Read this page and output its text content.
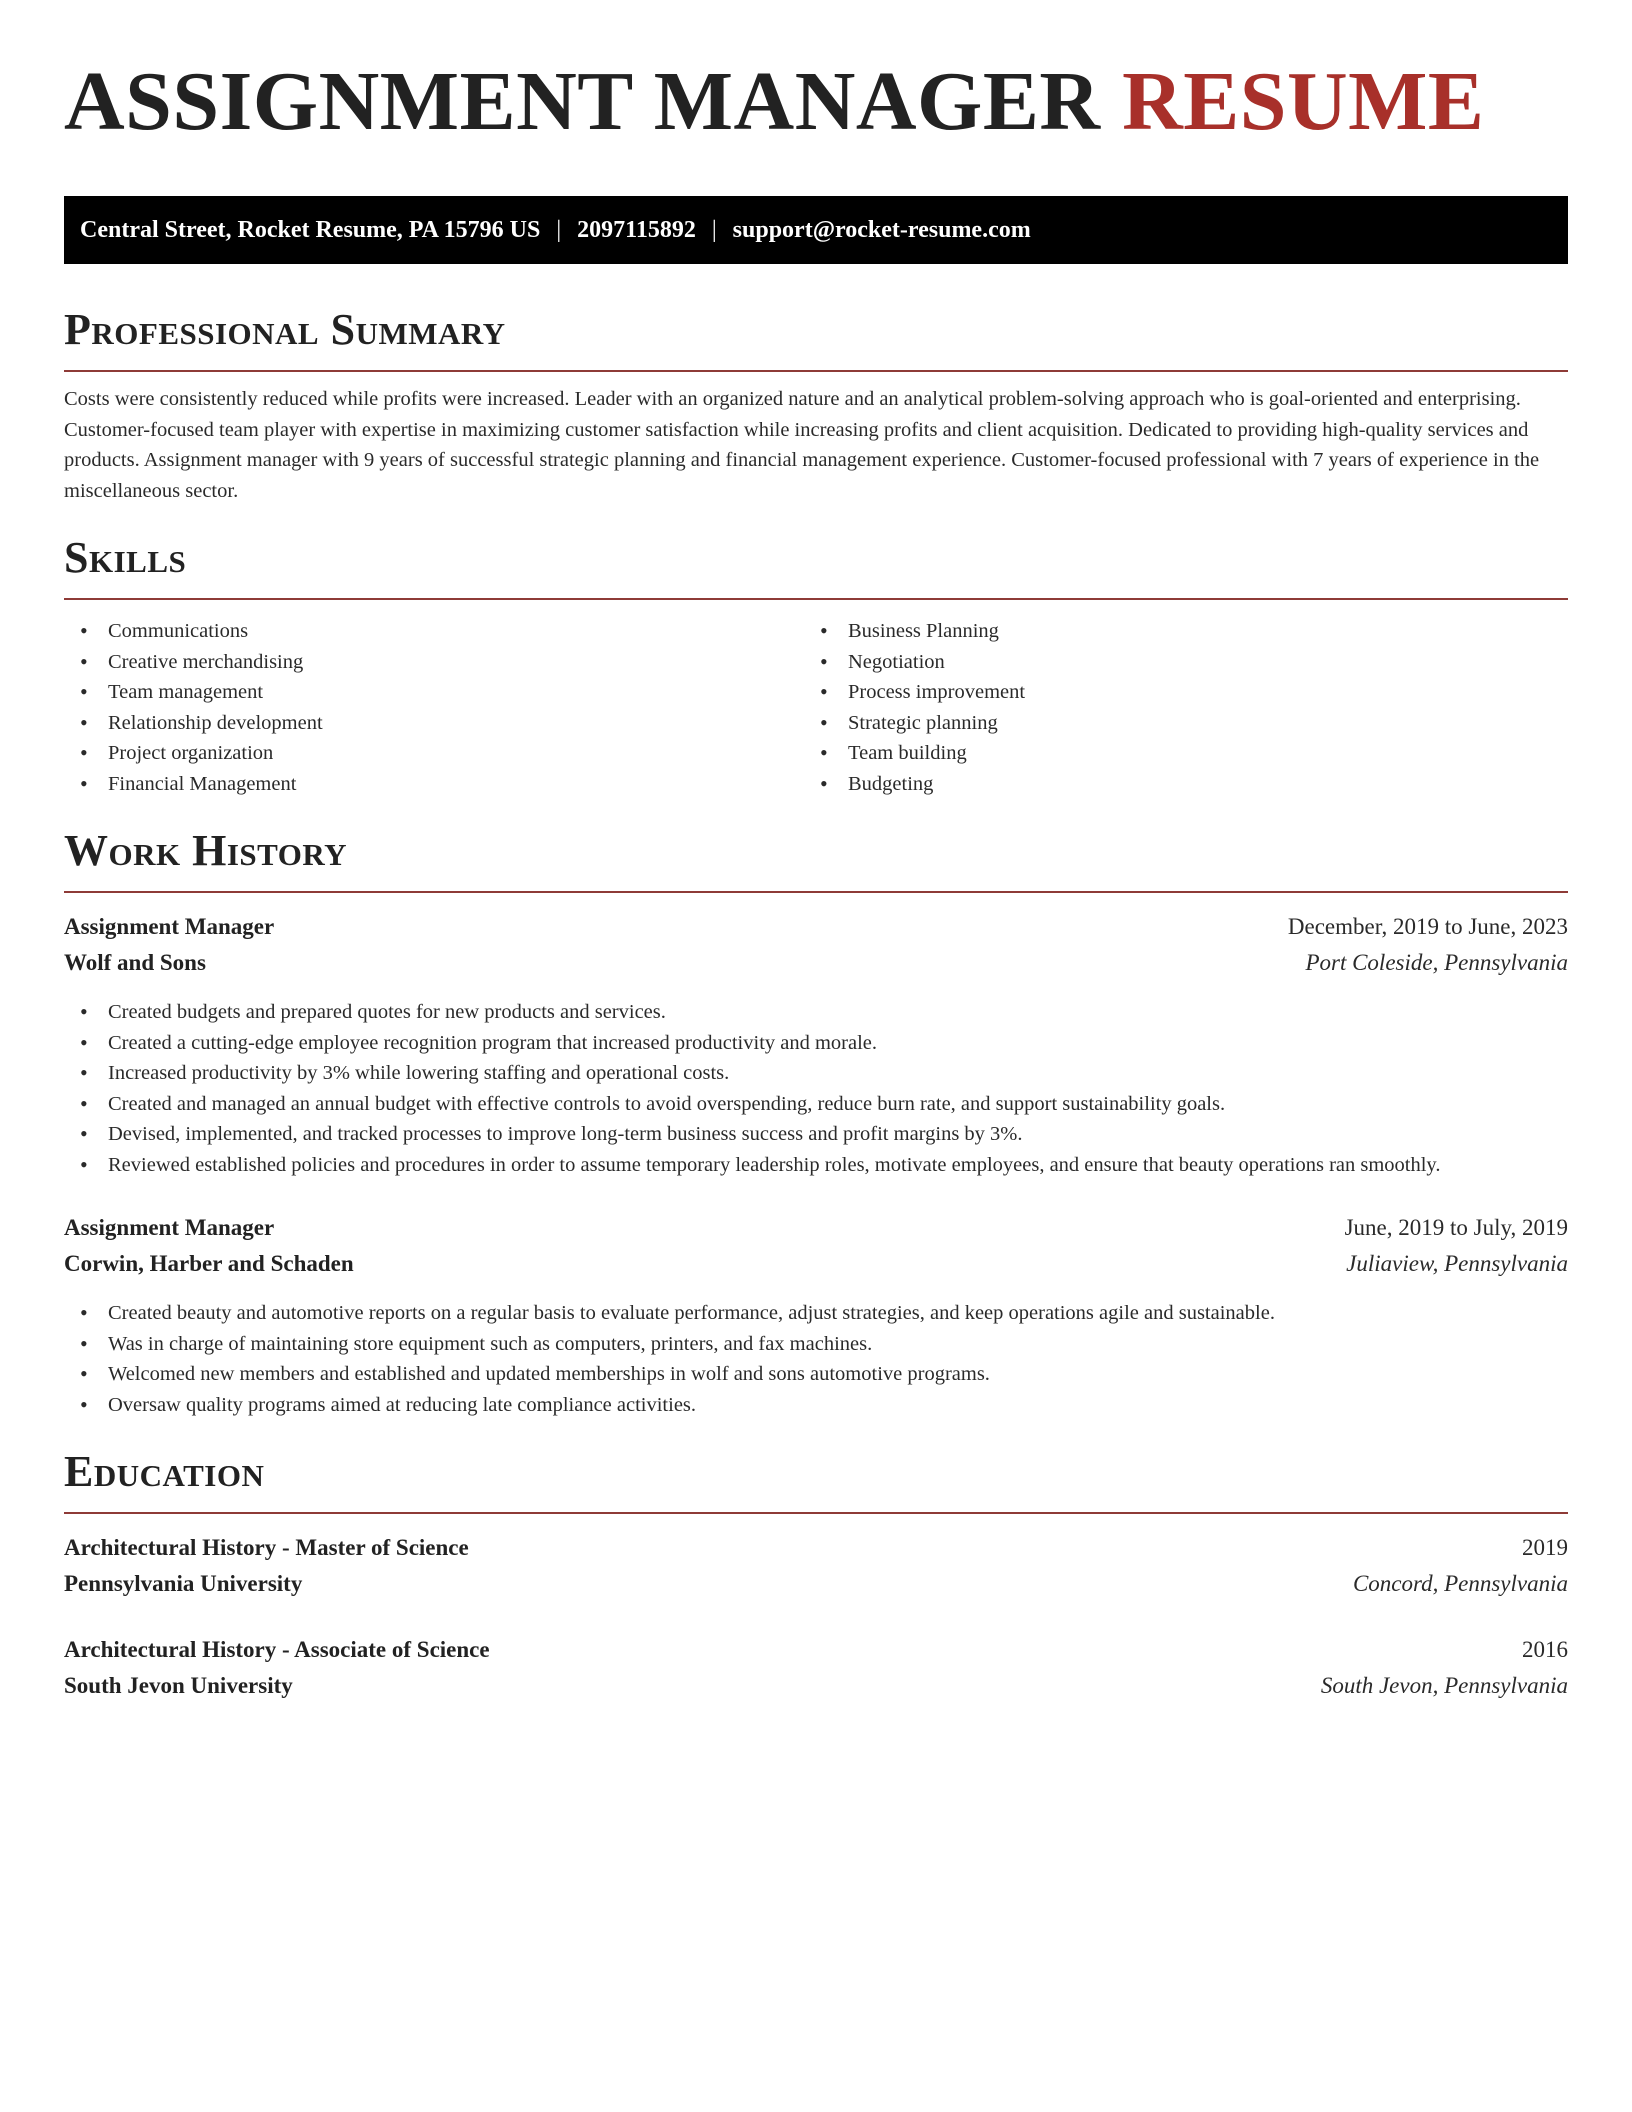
ASSIGNMENT MANAGER RESUME
Central Street, Rocket Resume, PA 15796 US | 2097115892 | support@rocket-resume.com
Professional Summary

Costs were consistently reduced while profits were increased. Leader with an organized nature and an analytical problem-solving approach who is goal-oriented and enterprising. Customer-focused team player with expertise in maximizing customer satisfaction while increasing profits and client acquisition. Dedicated to providing high-quality services and products. Assignment manager with 9 years of successful strategic planning and financial management experience. Customer-focused professional with 7 years of experience in the miscellaneous sector.

Skills
• Communications
• Creative merchandising
• Team management
• Relationship development
• Project organization
• Financial Management
• Business Planning
• Negotiation
• Process improvement
• Strategic planning
• Team building
• Budgeting
Work History
Assignment Manager	December, 2019 to June, 2023
Wolf and Sons	Port Coleside, Pennsylvania
• Created budgets and prepared quotes for new products and services.
• Created a cutting-edge employee recognition program that increased productivity and morale.
• Increased productivity by 3% while lowering staffing and operational costs.
• Created and managed an annual budget with effective controls to avoid overspending, reduce burn rate, and support sustainability goals.
• Devised, implemented, and tracked processes to improve long-term business success and profit margins by 3%.
• Reviewed established policies and procedures in order to assume temporary leadership roles, motivate employees, and ensure that beauty operations ran smoothly.
Assignment Manager	June, 2019 to July, 2019
Corwin, Harber and Schaden	Juliaview, Pennsylvania
• Created beauty and automotive reports on a regular basis to evaluate performance, adjust strategies, and keep operations agile and sustainable.
• Was in charge of maintaining store equipment such as computers, printers, and fax machines.
• Welcomed new members and established and updated memberships in wolf and sons automotive programs.
• Oversaw quality programs aimed at reducing late compliance activities.
Education
Architectural History - Master of Science	2019
Pennsylvania University	Concord, Pennsylvania
Architectural History - Associate of Science	2016
South Jevon University	South Jevon, Pennsylvania
